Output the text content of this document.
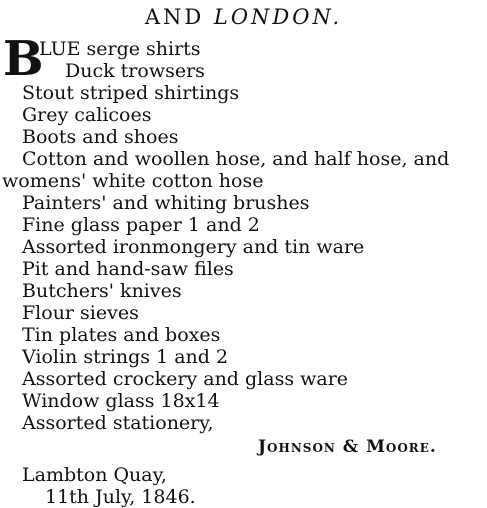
AND LONDON.
B
LUE serge shirts
Duck trowsers
Stout striped shirtings
Grey calicoes
Boots and shoes
Cotton and woollen hose, and half hose, and
womens' white cotton hose
Painters' and whiting brushes
Fine glass paper 1 and 2
Assorted ironmongery and tin ware
Pit and hand-saw files
Butchers' knives
Flour sieves
Tin plates and boxes
Violin strings 1 and 2
Assorted crockery and glass ware
Window glass 18x14
Assorted stationery,
Johnson & Moore.
Lambton Quay,
11th July, 1846.
